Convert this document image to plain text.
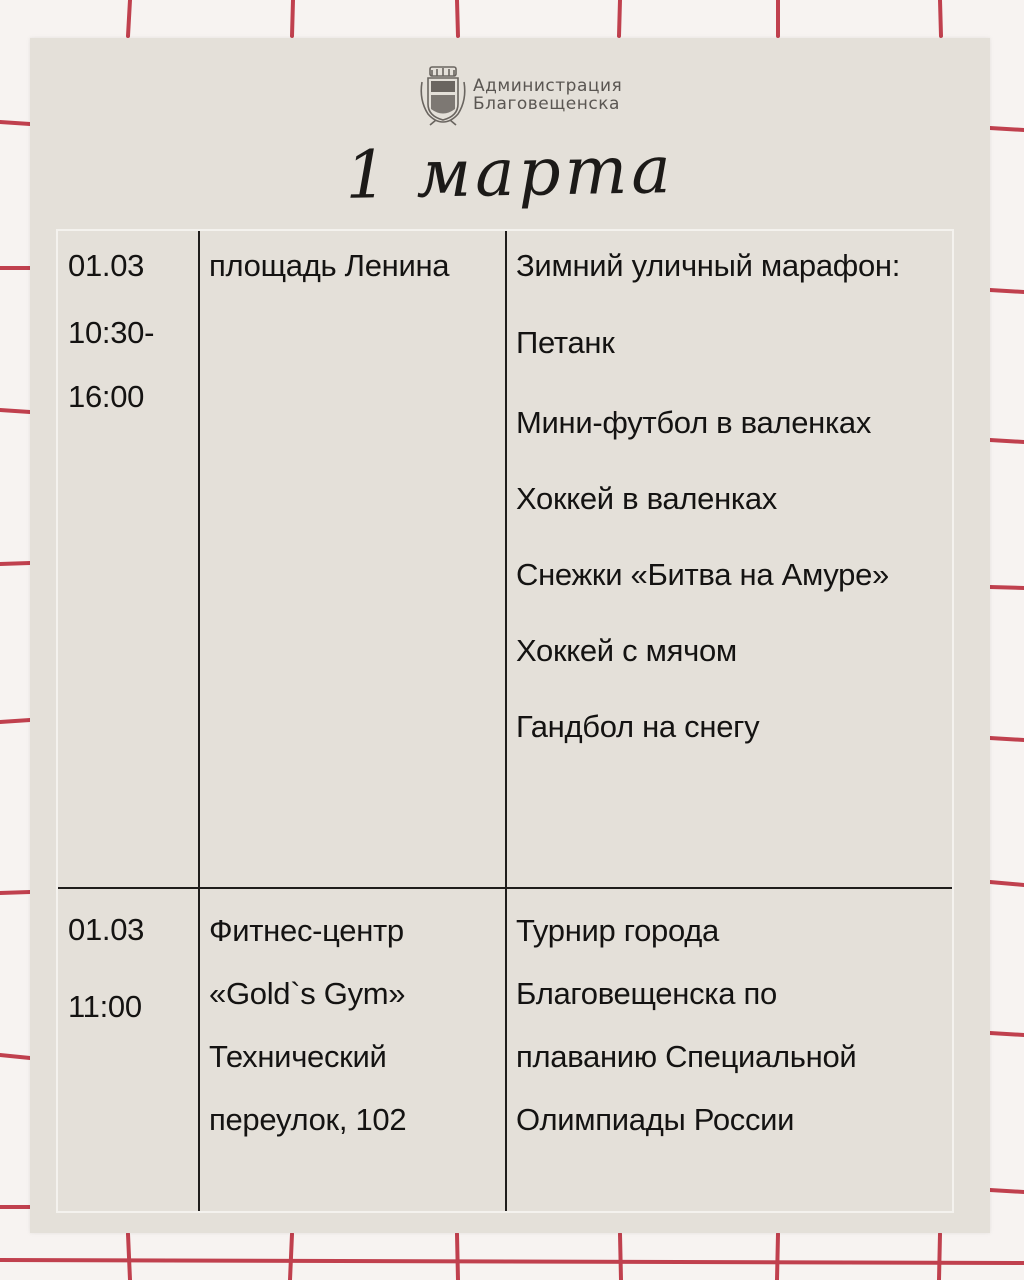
Администрация
Благовещенска
1 марта
01.03
10:30-
16:00
площадь Ленина Зимний уличный марафон:
Петанк
Мини-футбол в валенках
Хоккей в валенках
Снежки «Битва на Амуре»
Хоккей с мячом
Гандбол на снегу
01.03
11:00
Фитнес-центр
«Gold`s Gym»
Технический
переулок, 102
Турнир города
Благовещенска по
плаванию Специальной
Олимпиады России
